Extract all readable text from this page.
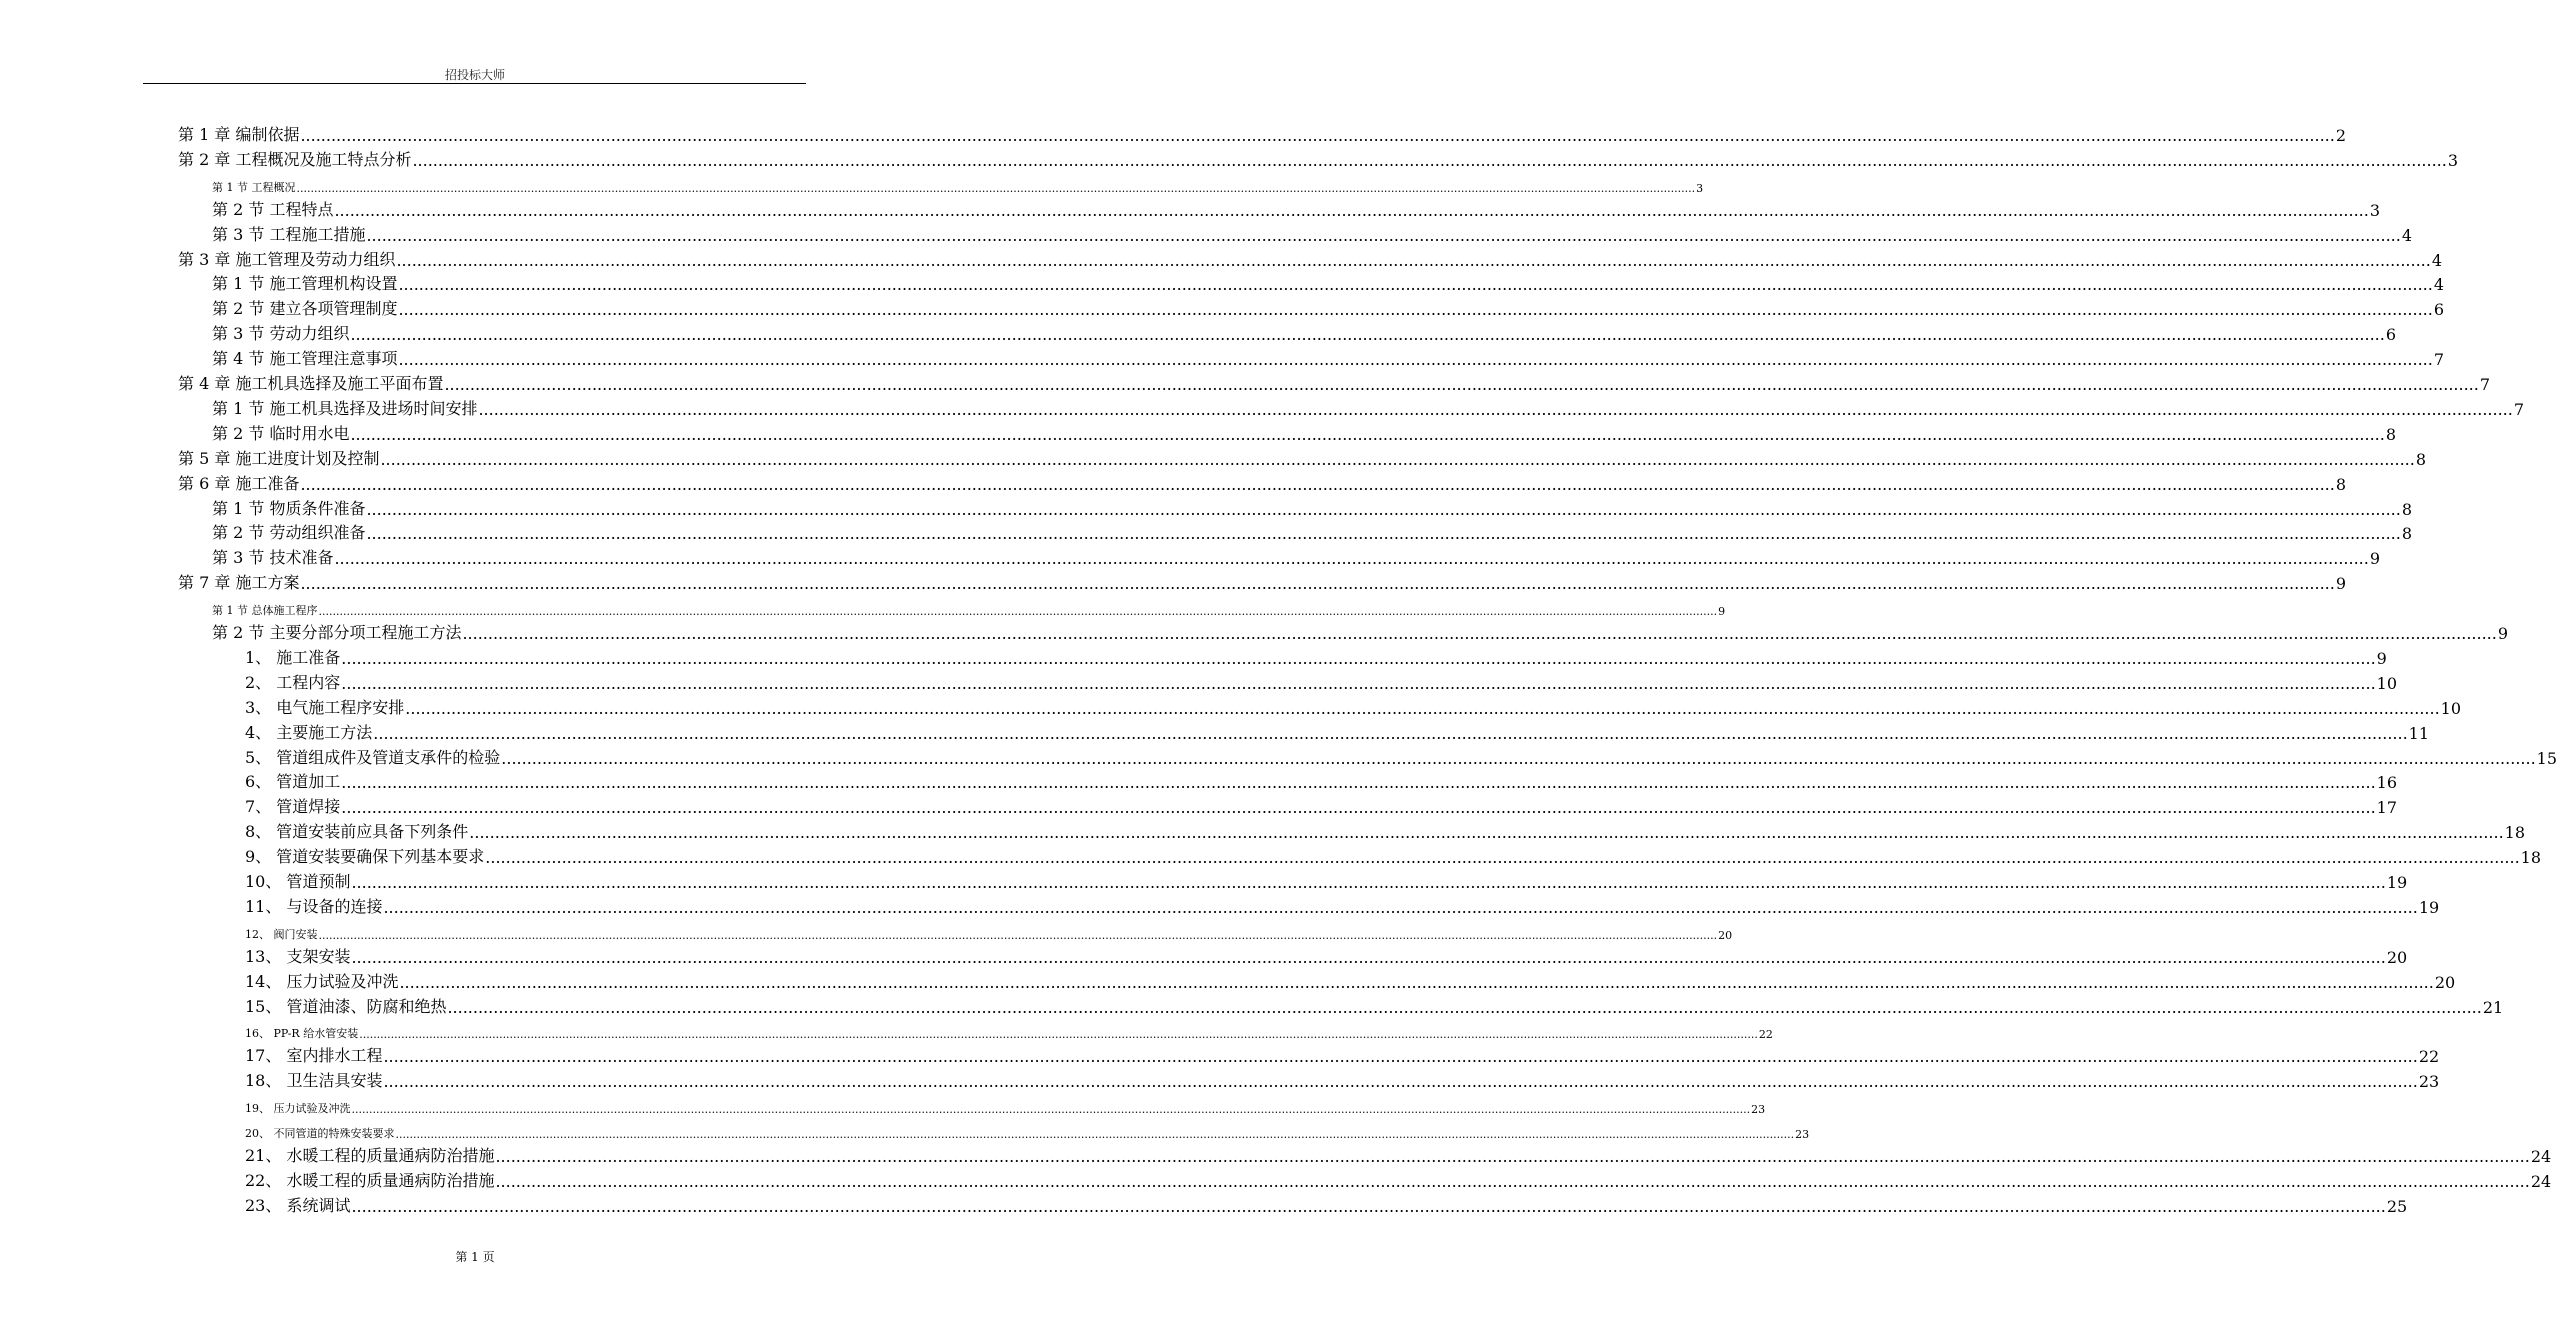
招投标大师
第 1 章 编制依据 ................................................................................................................................................................................................................................................................................................................................................................................................................ 2
第 2 章 工程概况及施工特点分析 ................................................................................................................................................................................................................................................................................................................................................................................................................ 3
第 1 节 工程概况 ................................................................................................................................................................................................................................................................................................................................................................................................................ 3
第 2 节 工程特点 ................................................................................................................................................................................................................................................................................................................................................................................................................ 3
第 3 节 工程施工措施 ................................................................................................................................................................................................................................................................................................................................................................................................................ 4
第 3 章 施工管理及劳动力组织 ................................................................................................................................................................................................................................................................................................................................................................................................................ 4
第 1 节 施工管理机构设置 ................................................................................................................................................................................................................................................................................................................................................................................................................ 4
第 2 节 建立各项管理制度 ................................................................................................................................................................................................................................................................................................................................................................................................................ 6
第 3 节 劳动力组织 ................................................................................................................................................................................................................................................................................................................................................................................................................ 6
第 4 节 施工管理注意事项 ................................................................................................................................................................................................................................................................................................................................................................................................................ 7
第 4 章 施工机具选择及施工平面布置 ................................................................................................................................................................................................................................................................................................................................................................................................................ 7
第 1 节 施工机具选择及进场时间安排 ................................................................................................................................................................................................................................................................................................................................................................................................................ 7
第 2 节 临时用水电 ................................................................................................................................................................................................................................................................................................................................................................................................................ 8
第 5 章 施工进度计划及控制 ................................................................................................................................................................................................................................................................................................................................................................................................................ 8
第 6 章 施工准备 ................................................................................................................................................................................................................................................................................................................................................................................................................ 8
第 1 节 物质条件准备 ................................................................................................................................................................................................................................................................................................................................................................................................................ 8
第 2 节 劳动组织准备 ................................................................................................................................................................................................................................................................................................................................................................................................................ 8
第 3 节 技术准备 ................................................................................................................................................................................................................................................................................................................................................................................................................ 9
第 7 章 施工方案 ................................................................................................................................................................................................................................................................................................................................................................................................................ 9
第 1 节 总体施工程序 ................................................................................................................................................................................................................................................................................................................................................................................................................ 9
第 2 节 主要分部分项工程施工方法 ................................................................................................................................................................................................................................................................................................................................................................................................................ 9
1、 施工准备 ................................................................................................................................................................................................................................................................................................................................................................................................................ 9
2、 工程内容 ................................................................................................................................................................................................................................................................................................................................................................................................................ 10
3、 电气施工程序安排 ................................................................................................................................................................................................................................................................................................................................................................................................................ 10
4、 主要施工方法 ................................................................................................................................................................................................................................................................................................................................................................................................................ 11
5、 管道组成件及管道支承件的检验 ................................................................................................................................................................................................................................................................................................................................................................................................................ 15
6、 管道加工 ................................................................................................................................................................................................................................................................................................................................................................................................................ 16
7、 管道焊接 ................................................................................................................................................................................................................................................................................................................................................................................................................ 17
8、 管道安装前应具备下列条件 ................................................................................................................................................................................................................................................................................................................................................................................................................ 18
9、 管道安装要确保下列基本要求 ................................................................................................................................................................................................................................................................................................................................................................................................................ 18
10、 管道预制 ................................................................................................................................................................................................................................................................................................................................................................................................................ 19
11、 与设备的连接 ................................................................................................................................................................................................................................................................................................................................................................................................................ 19
12、 阀门安装 ................................................................................................................................................................................................................................................................................................................................................................................................................ 20
13、 支架安装 ................................................................................................................................................................................................................................................................................................................................................................................................................ 20
14、 压力试验及冲洗 ................................................................................................................................................................................................................................................................................................................................................................................................................ 20
15、 管道油漆、防腐和绝热 ................................................................................................................................................................................................................................................................................................................................................................................................................ 21
16、 PP-R 给水管安装 ................................................................................................................................................................................................................................................................................................................................................................................................................ 22
17、 室内排水工程 ................................................................................................................................................................................................................................................................................................................................................................................................................ 22
18、 卫生洁具安装 ................................................................................................................................................................................................................................................................................................................................................................................................................ 23
19、 压力试验及冲洗 ................................................................................................................................................................................................................................................................................................................................................................................................................ 23
20、 不同管道的特殊安装要求 ................................................................................................................................................................................................................................................................................................................................................................................................................ 23
21、 水暖工程的质量通病防治措施 ................................................................................................................................................................................................................................................................................................................................................................................................................ 24
22、 水暖工程的质量通病防治措施 ................................................................................................................................................................................................................................................................................................................................................................................................................ 24
23、 系统调试 ................................................................................................................................................................................................................................................................................................................................................................................................................ 25
第 1 页
